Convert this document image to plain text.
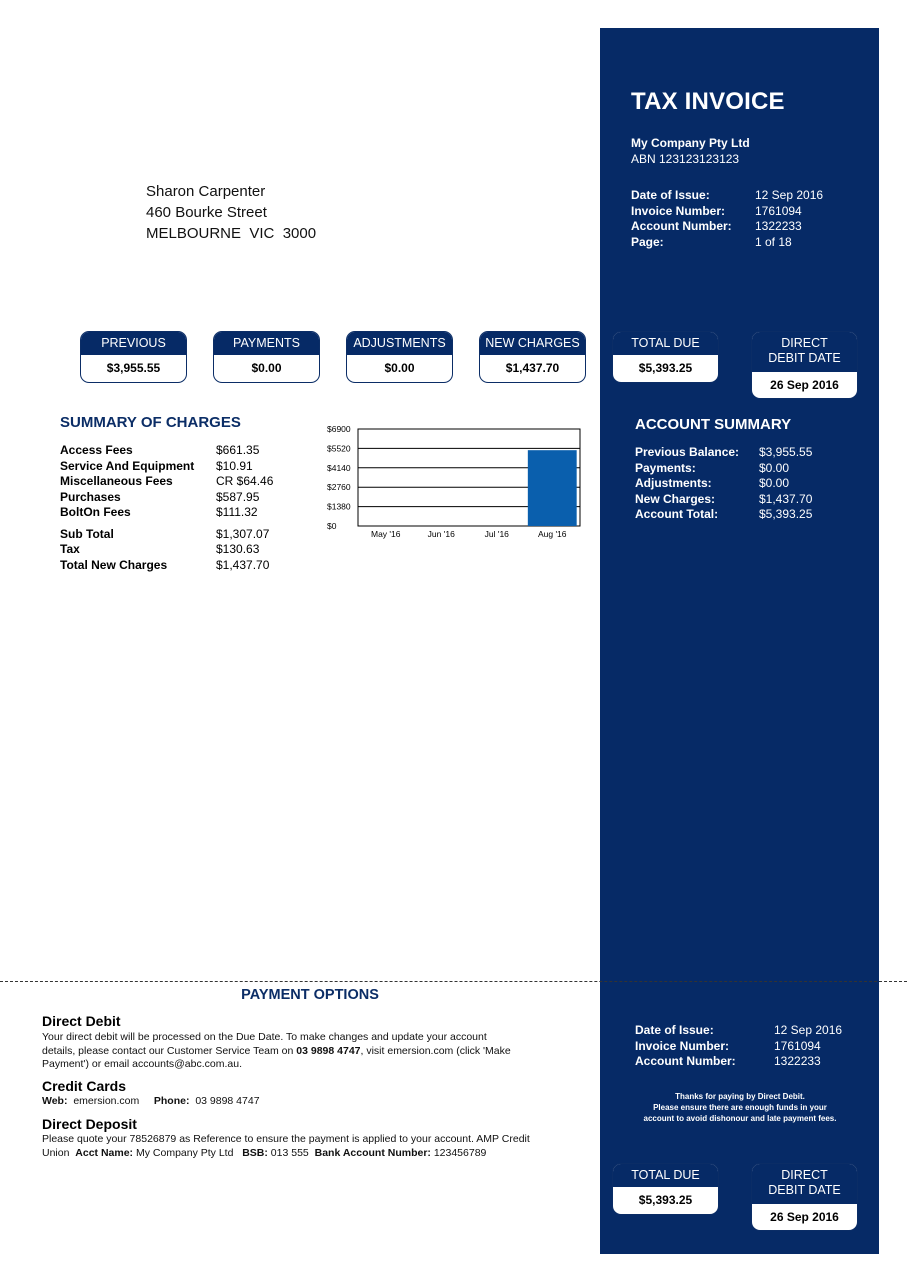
TAX INVOICE
My Company Pty Ltd
ABN 123123123123
Date of Issue:	12 Sep 2016
Invoice Number:	1761094
Account Number:	1322233
Page:	1 of 18
Sharon Carpenter
460 Bourke Street
MELBOURNE  VIC  3000
PREVIOUS
$3,955.55
PAYMENTS
$0.00
ADJUSTMENTS
$0.00
NEW CHARGES
$1,437.70
TOTAL DUE
$5,393.25
DIRECT
DEBIT DATE
26 Sep 2016
SUMMARY OF CHARGES
Access Fees	$661.35
Service And Equipment	$10.91
Miscellaneous Fees	CR $64.46
Purchases	$587.95
BoltOn Fees	$111.32
Sub Total	$1,307.07
Tax	$130.63
Total New Charges	$1,437.70
$0
$1380
$2760
$4140
$5520
$6900
May '16	Jun '16	Jul '16	Aug '16
ACCOUNT SUMMARY
Previous Balance:	$3,955.55
Payments:	$0.00
Adjustments:	$0.00
New Charges:	$1,437.70
Account Total:	$5,393.25
PAYMENT OPTIONS
Direct Debit
Your direct debit will be processed on the Due Date. To make changes and update your account
details, please contact our Customer Service Team on 03 9898 4747, visit emersion.com (click 'Make
Payment') or email accounts@abc.com.au.
Credit Cards
Web: emersion.com Phone: 03 9898 4747
Direct Deposit
Please quote your 78526879 as Reference to ensure the payment is applied to your account. AMP Credit
Union Acct Name: My Company Pty Ltd BSB: 013 555 Bank Account Number: 123456789
Date of Issue:	12 Sep 2016
Invoice Number:	1761094
Account Number:	1322233
Thanks for paying by Direct Debit.
Please ensure there are enough funds in your
account to avoid dishonour and late payment fees.
TOTAL DUE
$5,393.25
DIRECT
DEBIT DATE
26 Sep 2016
